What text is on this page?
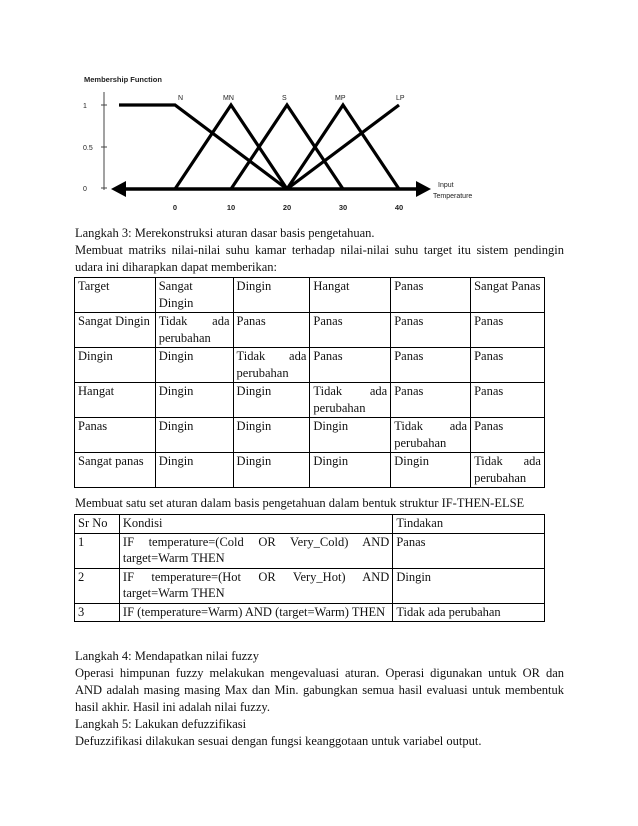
Membership Function
1
0.5
0
N	MN	S	MP	LP
0	10	20	30	40
Input
Temperature

Langkah 3: Merekonstruksi aturan dasar basis pengetahuan.

Membuat matriks nilai-nilai suhu kamar terhadap nilai-nilai suhu target itu sistem pendingin udara ini diharapkan dapat memberikan:

Target	Sangat Dingin	Dingin	Hangat	Panas	Sangat Panas
Sangat Dingin	Tidak ada perubahan	Panas	Panas	Panas	Panas
Dingin	Dingin	Tidak ada perubahan	Panas	Panas	Panas
Hangat	Dingin	Dingin	Tidak ada perubahan	Panas	Panas
Panas	Dingin	Dingin	Dingin	Tidak ada perubahan	Panas
Sangat panas	Dingin	Dingin	Dingin	Dingin	Tidak ada perubahan

Membuat satu set aturan dalam basis pengetahuan dalam bentuk struktur IF-THEN-ELSE

Sr No	Kondisi	Tindakan
1	IF temperature=(Cold OR Very_Cold) AND target=Warm THEN	Panas
2	IF temperature=(Hot OR Very_Hot) AND target=Warm THEN	Dingin
3	IF (temperature=Warm) AND (target=Warm) THEN	Tidak ada perubahan

Langkah 4: Mendapatkan nilai fuzzy

Operasi himpunan fuzzy melakukan mengevaluasi aturan. Operasi digunakan untuk OR dan AND adalah masing masing Max dan Min. gabungkan semua hasil evaluasi untuk membentuk hasil akhir. Hasil ini adalah nilai fuzzy.

Langkah 5: Lakukan defuzzifikasi

Defuzzifikasi dilakukan sesuai dengan fungsi keanggotaan untuk variabel output.
